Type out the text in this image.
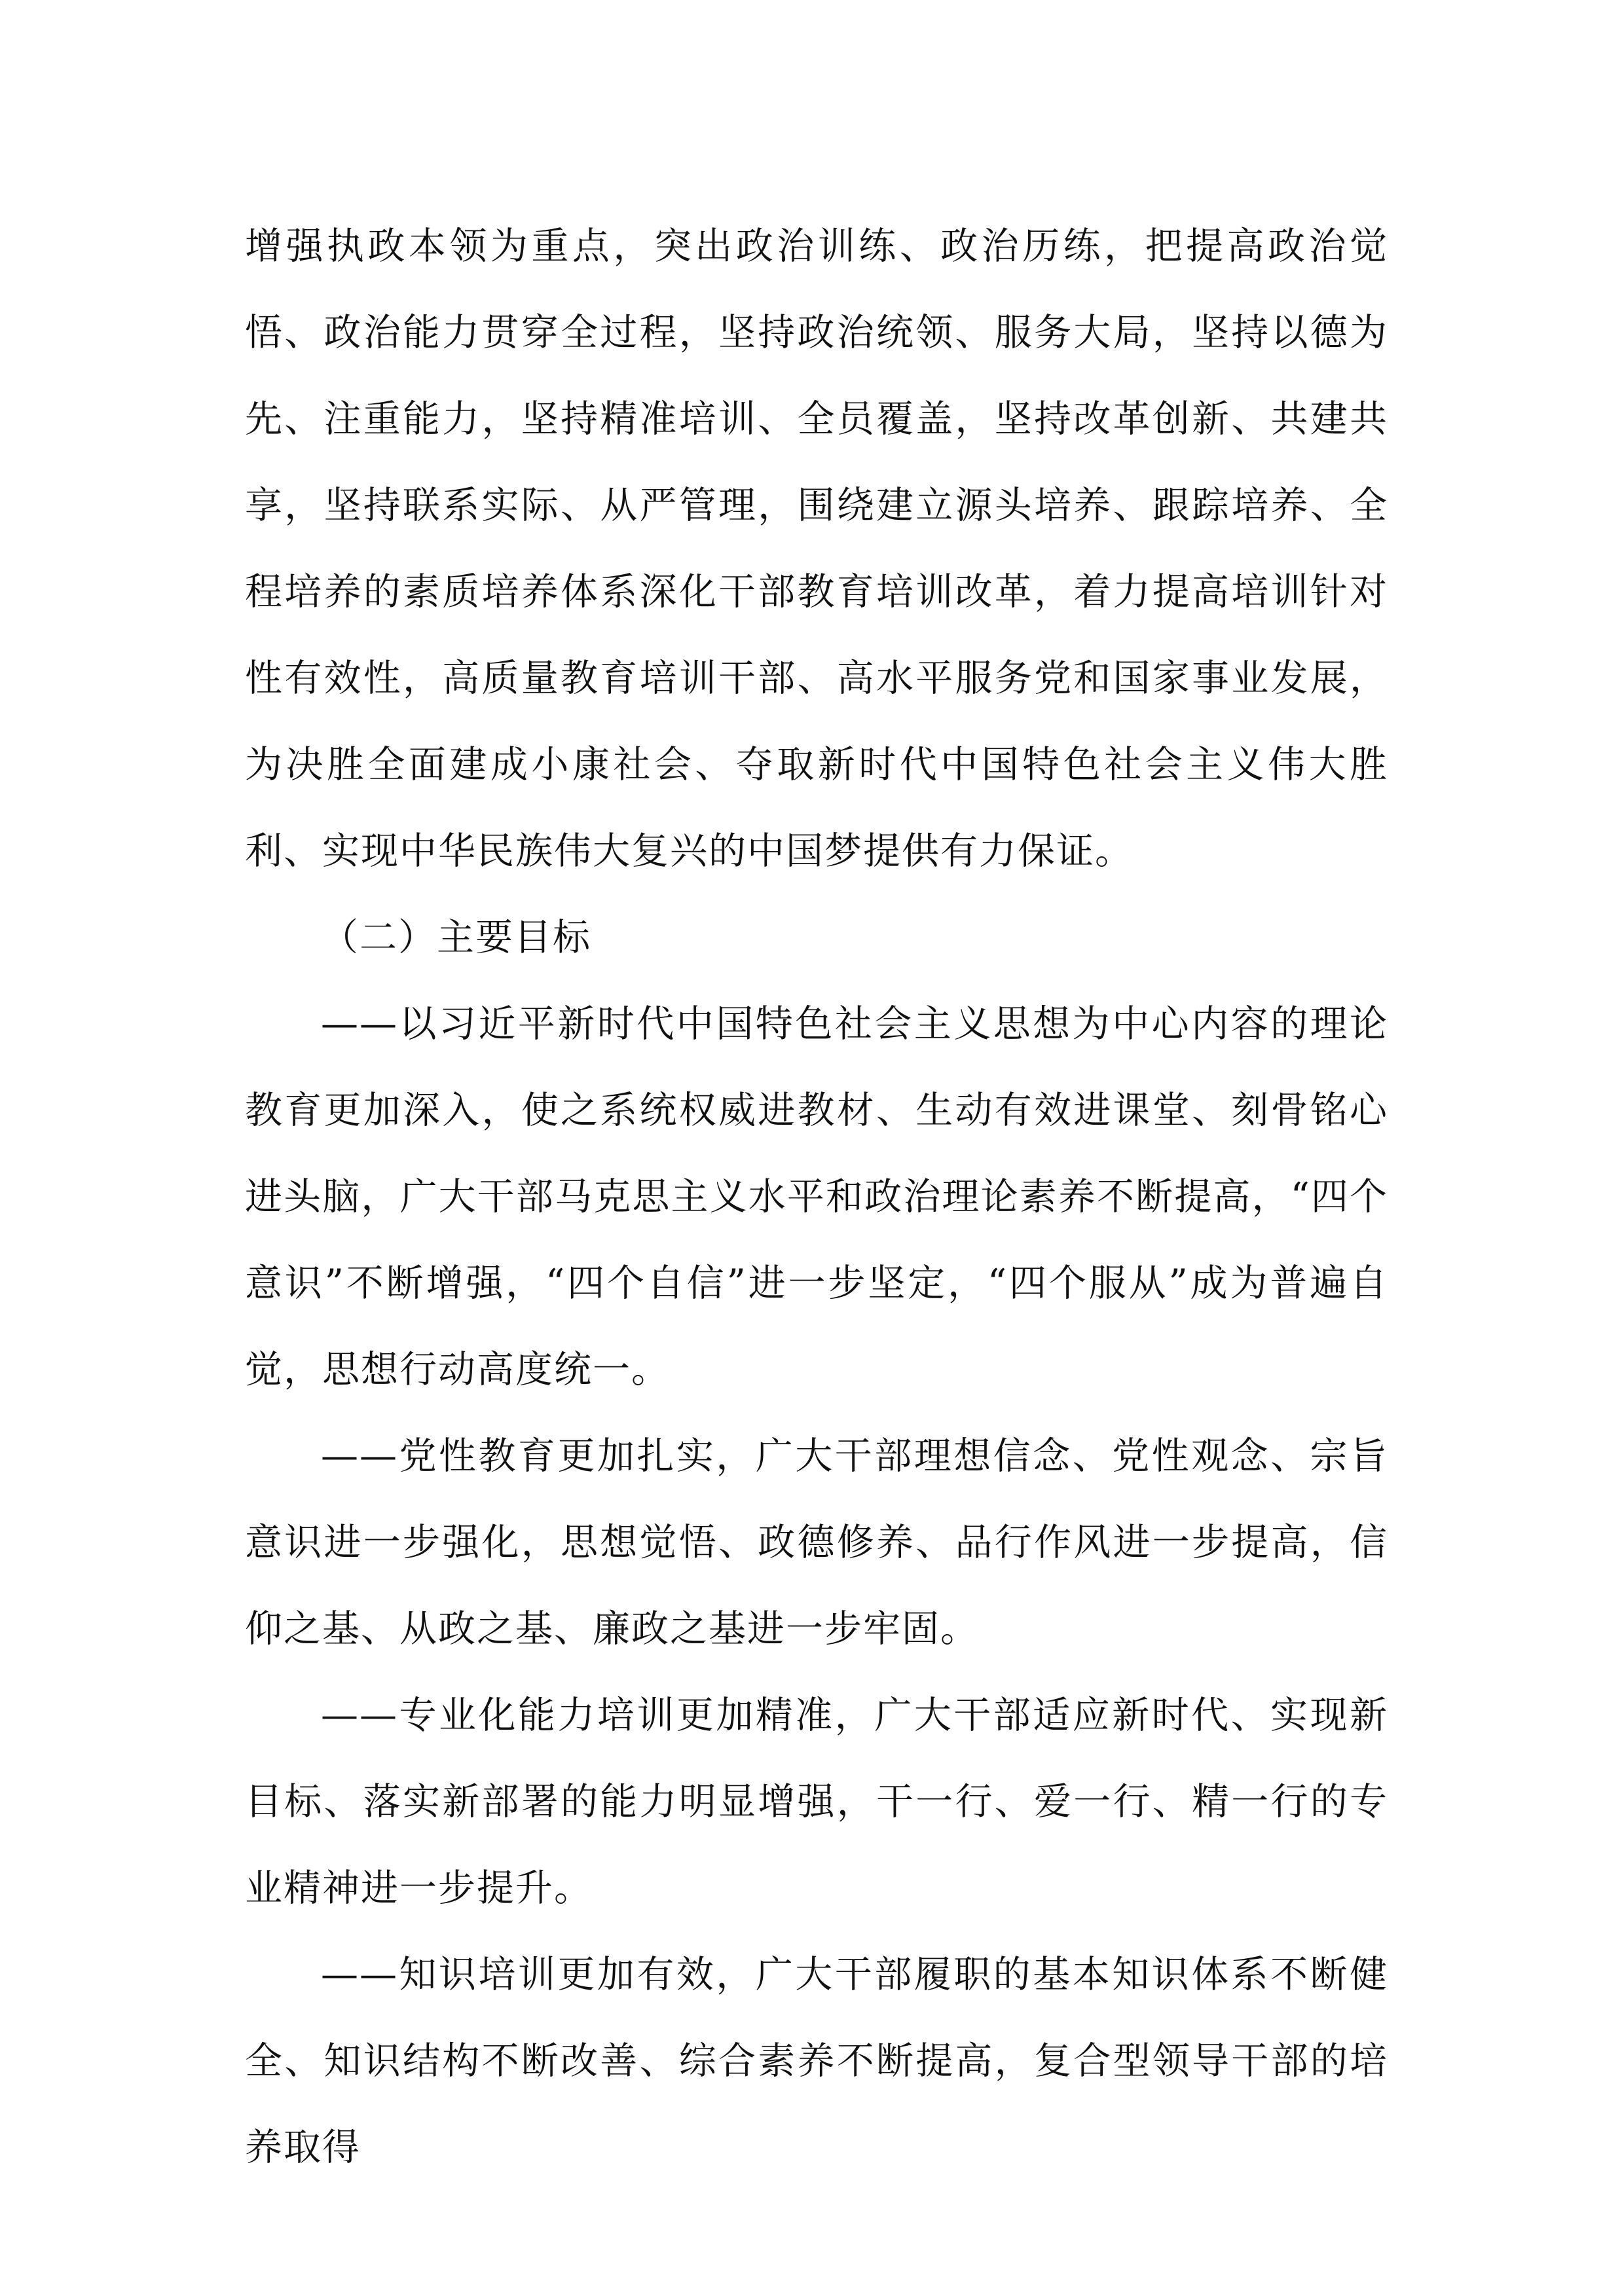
增强执政本领为重点，突出政治训练、政治历练，把提高政治觉悟、政治能力贯穿全过程，坚持政治统领、服务大局，坚持以德为先、注重能力，坚持精准培训、全员覆盖，坚持改革创新、共建共享，坚持联系实际、从严管理，围绕建立源头培养、跟踪培养、全程培养的素质培养体系深化干部教育培训改革，着力提高培训针对性有效性，高质量教育培训干部、高水平服务党和国家事业发展，为决胜全面建成小康社会、夺取新时代中国特色社会主义伟大胜利、实现中华民族伟大复兴的中国梦提供有力保证。

（二）主要目标

——以习近平新时代中国特色社会主义思想为中心内容的理论教育更加深入，使之系统权威进教材、生动有效进课堂、刻骨铭心进头脑，广大干部马克思主义水平和政治理论素养不断提高，“四个意识”不断增强，“四个自信”进一步坚定，“四个服从”成为普遍自觉，思想行动高度统一。

——党性教育更加扎实，广大干部理想信念、党性观念、宗旨意识进一步强化，思想觉悟、政德修养、品行作风进一步提高，信仰之基、从政之基、廉政之基进一步牢固。

——专业化能力培训更加精准，广大干部适应新时代、实现新目标、落实新部署的能力明显增强，干一行、爱一行、精一行的专业精神进一步提升。

——知识培训更加有效，广大干部履职的基本知识体系不断健全、知识结构不断改善、综合素养不断提高，复合型领导干部的培养取得
